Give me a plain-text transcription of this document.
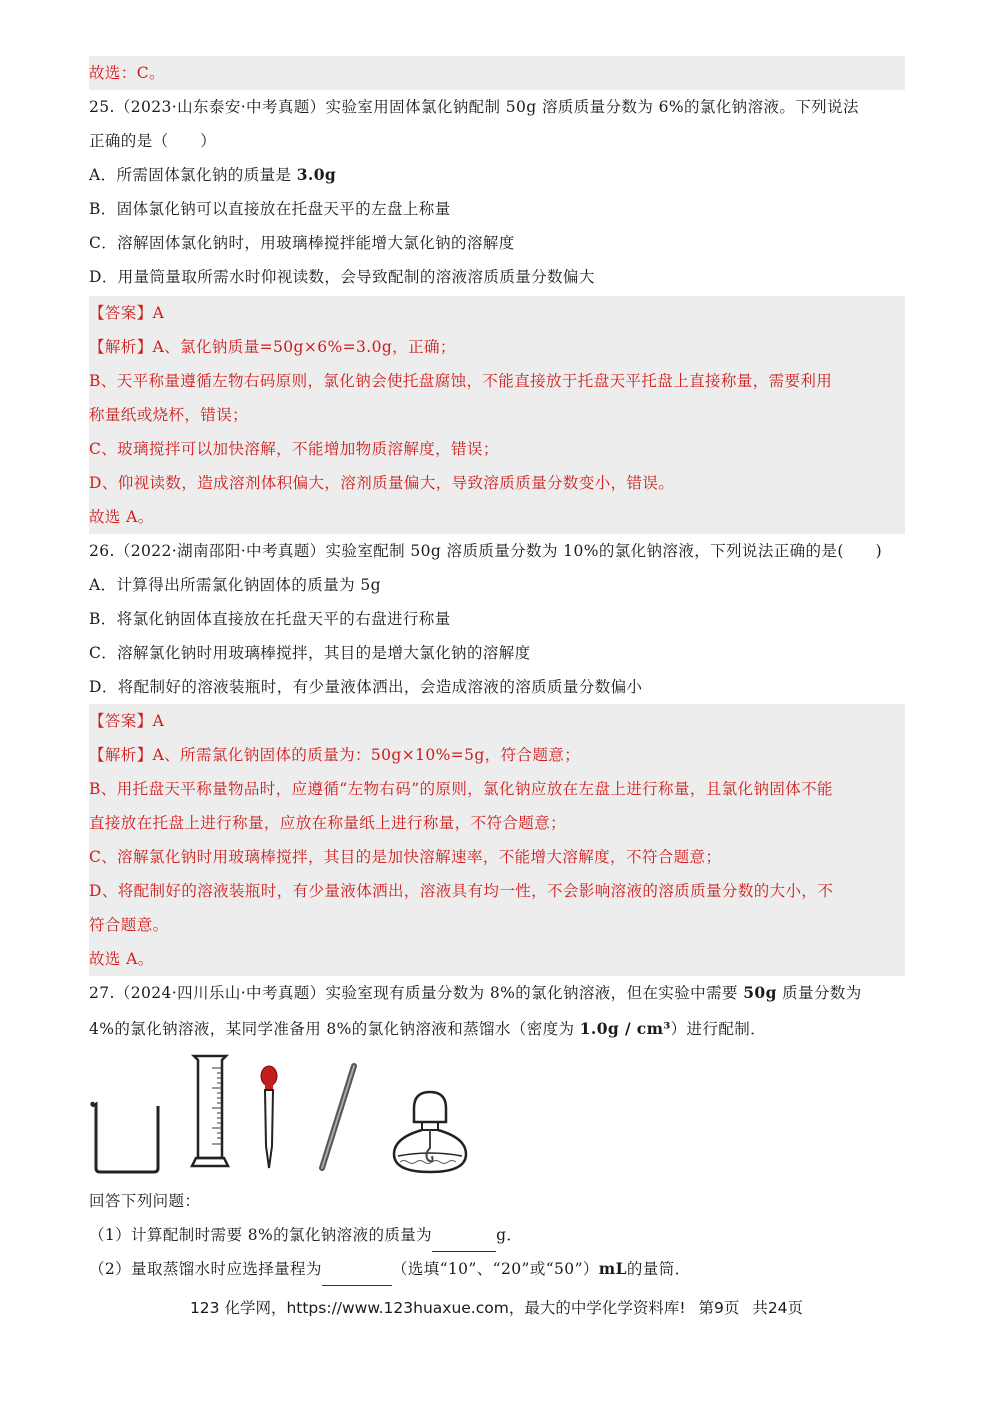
故选：C。
25.（2023·山东泰安·中考真题）实验室用固体氯化钠配制 50g 溶质质量分数为 6%的氯化钠溶液。下列说法
正确的是（　　）
A．所需固体氯化钠的质量是 3.0g
B．固体氯化钠可以直接放在托盘天平的左盘上称量
C．溶解固体氯化钠时，用玻璃棒搅拌能增大氯化钠的溶解度
D．用量筒量取所需水时仰视读数，会导致配制的溶液溶质质量分数偏大
【答案】A
【解析】A、氯化钠质量=50g×6%=3.0g，正确；
B、天平称量遵循左物右码原则，氯化钠会使托盘腐蚀，不能直接放于托盘天平托盘上直接称量，需要利用
称量纸或烧杯，错误；
C、玻璃搅拌可以加快溶解，不能增加物质溶解度，错误；
D、仰视读数，造成溶剂体积偏大，溶剂质量偏大，导致溶质质量分数变小，错误。
故选 A。
26.（2022·湖南邵阳·中考真题）实验室配制 50g 溶质质量分数为 10%的氯化钠溶液，下列说法正确的是(　　)
A．计算得出所需氯化钠固体的质量为 5g
B．将氯化钠固体直接放在托盘天平的右盘进行称量
C．溶解氯化钠时用玻璃棒搅拌，其目的是增大氯化钠的溶解度
D．将配制好的溶液装瓶时，有少量液体洒出，会造成溶液的溶质质量分数偏小
【答案】A
【解析】A、所需氯化钠固体的质量为：50g×10%=5g，符合题意；
B、用托盘天平称量物品时，应遵循“左物右码”的原则，氯化钠应放在左盘上进行称量，且氯化钠固体不能
直接放在托盘上进行称量，应放在称量纸上进行称量，不符合题意；
C、溶解氯化钠时用玻璃棒搅拌，其目的是加快溶解速率，不能增大溶解度，不符合题意；
D、将配制好的溶液装瓶时，有少量液体洒出，溶液具有均一性，不会影响溶液的溶质质量分数的大小，不
符合题意。
故选 A。
27.（2024·四川乐山·中考真题）实验室现有质量分数为 8%的氯化钠溶液，但在实验中需要 50g 质量分数为
4%的氯化钠溶液，某同学准备用 8%的氯化钠溶液和蒸馏水（密度为 1.0g / cm³）进行配制．
回答下列问题：
（1）计算配制时需要 8%的氯化钠溶液的质量为	g．
（2）量取蒸馏水时应选择量程为	（选填“10”、“20”或“50”）mL的量筒．
123 化学网，https://www.123huaxue.com，最大的中学化学资料库! 第9页 共24页
